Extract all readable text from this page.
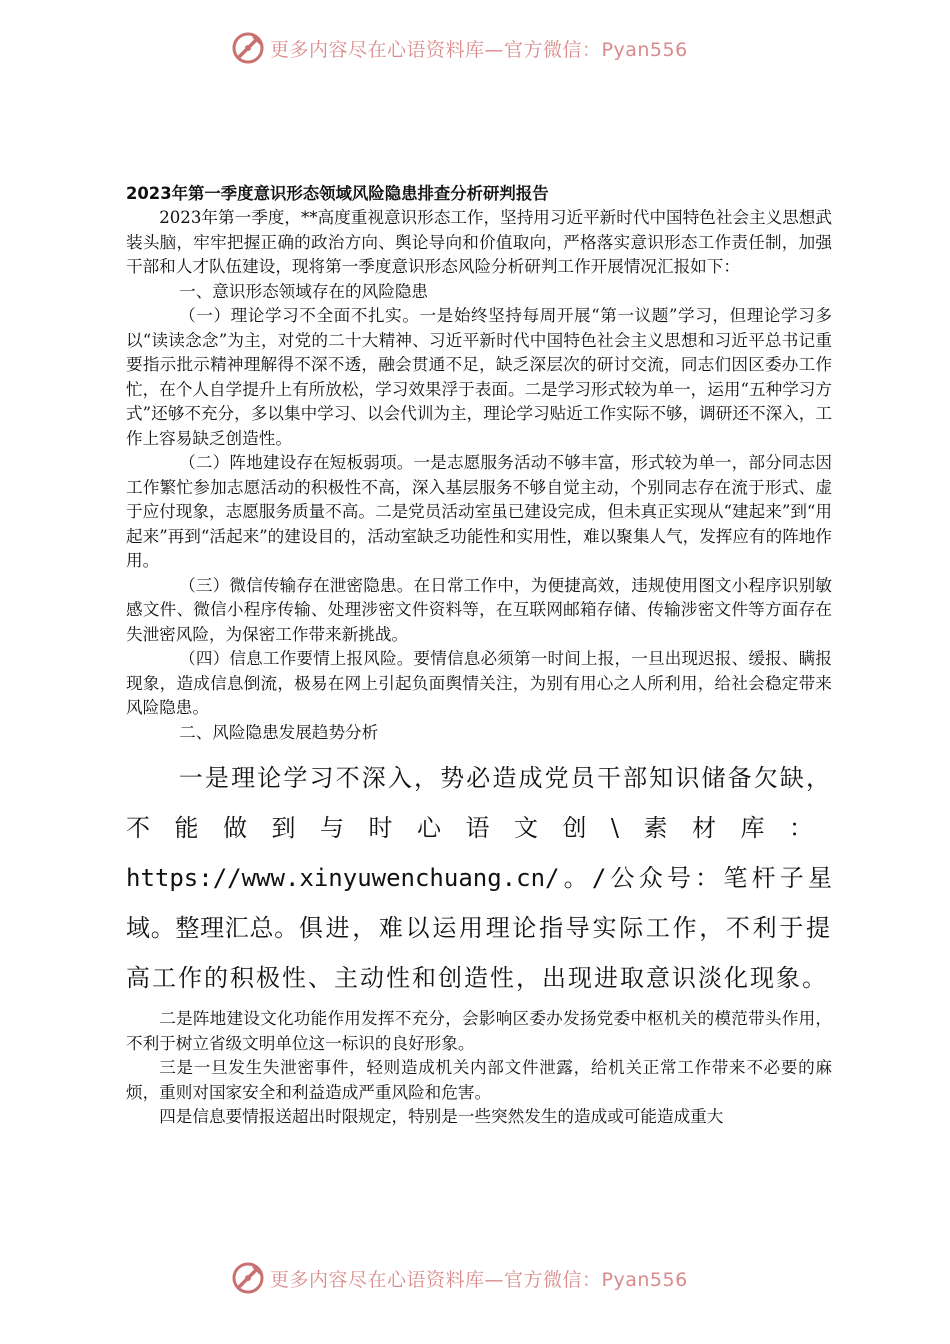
更多内容尽在心语资料库—官方微信：Pyan556

2023年第一季度意识形态领域风险隐患排查分析研判报告

2023年第一季度，**高度重视意识形态工作，坚持用习近平新时代中国特色社会主义思想武装头脑，牢牢把握正确的政治方向、舆论导向和价值取向，严格落实意识形态工作责任制，加强干部和人才队伍建设，现将第一季度意识形态风险分析研判工作开展情况汇报如下：

一、意识形态领域存在的风险隐患

（一）理论学习不全面不扎实。一是始终坚持每周开展“第一议题”学习，但理论学习多以“读读念念”为主，对党的二十大精神、习近平新时代中国特色社会主义思想和习近平总书记重要指示批示精神理解得不深不透，融会贯通不足，缺乏深层次的研讨交流，同志们因区委办工作忙，在个人自学提升上有所放松，学习效果浮于表面。二是学习形式较为单一，运用“五种学习方式”还够不充分，多以集中学习、以会代训为主，理论学习贴近工作实际不够，调研还不深入，工作上容易缺乏创造性。

（二）阵地建设存在短板弱项。一是志愿服务活动不够丰富，形式较为单一，部分同志因工作繁忙参加志愿活动的积极性不高，深入基层服务不够自觉主动，个别同志存在流于形式、虚于应付现象，志愿服务质量不高。二是党员活动室虽已建设完成，但未真正实现从“建起来”到“用起来”再到“活起来”的建设目的，活动室缺乏功能性和实用性，难以聚集人气，发挥应有的阵地作用。

（三）微信传输存在泄密隐患。在日常工作中，为便捷高效，违规使用图文小程序识别敏感文件、微信小程序传输、处理涉密文件资料等，在互联网邮箱存储、传输涉密文件等方面存在失泄密风险，为保密工作带来新挑战。

（四）信息工作要情上报风险。要情信息必须第一时间上报，一旦出现迟报、缓报、瞒报现象，造成信息倒流，极易在网上引起负面舆情关注，为别有用心之人所利用，给社会稳定带来风险隐患。

二、风险隐患发展趋势分析

一是理论学习不深入，势必造成党员干部知识储备欠缺，不能做到与时心语文创\素材库：https://www.xinyuwenchuang.cn/。/公众号：笔杆子星域。整理汇总。俱进，难以运用理论指导实际工作，不利于提高工作的积极性、主动性和创造性，出现进取意识淡化现象。

二是阵地建设文化功能作用发挥不充分，会影响区委办发扬党委中枢机关的模范带头作用，不利于树立省级文明单位这一标识的良好形象。

三是一旦发生失泄密事件，轻则造成机关内部文件泄露，给机关正常工作带来不必要的麻烦，重则对国家安全和利益造成严重风险和危害。

四是信息要情报送超出时限规定，特别是一些突然发生的造成或可能造成重大

更多内容尽在心语资料库—官方微信：Pyan556
